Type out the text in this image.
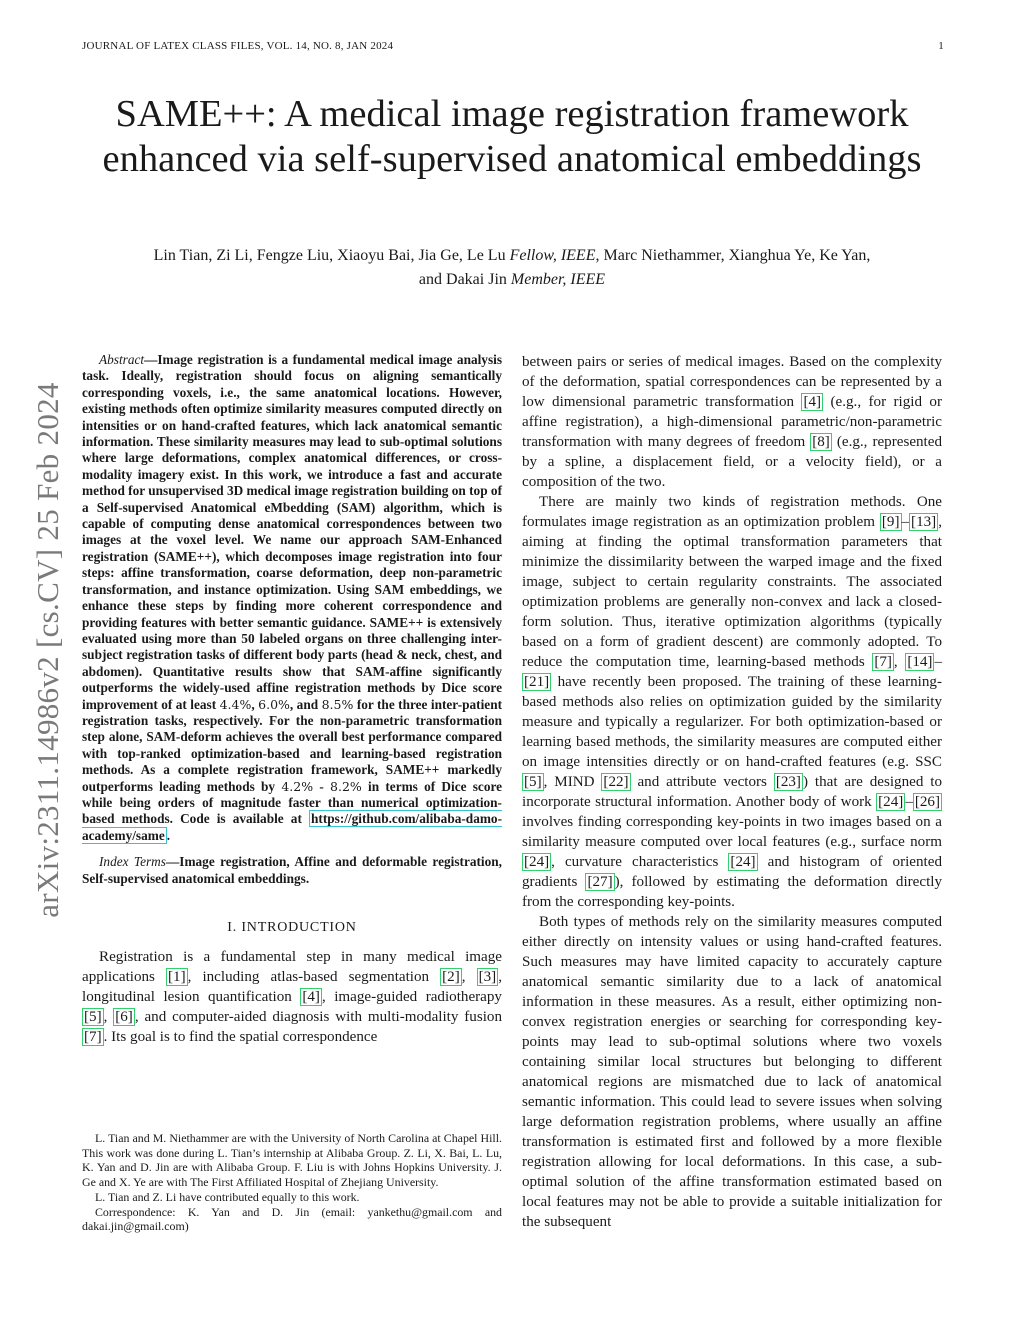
JOURNAL OF LATEX CLASS FILES, VOL. 14, NO. 8, JAN 2024	1
SAME++: A medical image registration framework enhanced via self-supervised anatomical embeddings
Lin Tian, Zi Li, Fengze Liu, Xiaoyu Bai, Jia Ge, Le Lu Fellow, IEEE, Marc Niethammer, Xianghua Ye, Ke Yan,
and Dakai Jin Member, IEEE
arXiv:2311.14986v2 [cs.CV] 25 Feb 2024

Abstract—Image registration is a fundamental medical image analysis task. Ideally, registration should focus on aligning semantically corresponding voxels, i.e., the same anatomical locations. However, existing methods often optimize similarity measures computed directly on intensities or on hand-crafted features, which lack anatomical semantic information. These similarity measures may lead to sub-optimal solutions where large deformations, complex anatomical differences, or cross-modality imagery exist. In this work, we introduce a fast and accurate method for unsupervised 3D medical image registration building on top of a Self-supervised Anatomical eMbedding (SAM) algorithm, which is capable of computing dense anatomical correspondences between two images at the voxel level. We name our approach SAM-Enhanced registration (SAME++), which decomposes image registration into four steps: affine transformation, coarse deformation, deep non-parametric transformation, and instance optimization. Using SAM embeddings, we enhance these steps by finding more coherent correspondence and providing features with better semantic guidance. SAME++ is extensively evaluated using more than 50 labeled organs on three challenging inter-subject registration tasks of different body parts (head & neck, chest, and abdomen). Quantitative results show that SAM-affine significantly outperforms the widely-used affine registration methods by Dice score improvement of at least 4.4%, 6.0%, and 8.5% for the three inter-patient registration tasks, respectively. For the non-parametric transformation step alone, SAM-deform achieves the overall best performance compared with top-ranked optimization-based and learning-based registration methods. As a complete registration framework, SAME++ markedly outperforms leading methods by 4.2% - 8.2% in terms of Dice score while being orders of magnitude faster than numerical optimization-based methods. Code is available at https://github.com/alibaba-damo-academy/same .

Index Terms—Image registration, Affine and deformable registration, Self-supervised anatomical embeddings.

I. INTRODUCTION

Registration is a fundamental step in many medical image applications [1] , including atlas-based segmentation [2] , [3] , longitudinal lesion quantification [4] , image-guided radiotherapy [5] , [6] , and computer-aided diagnosis with multi-modality fusion [7] . Its goal is to find the spatial correspondence

L. Tian and M. Niethammer are with the University of North Carolina at Chapel Hill. This work was done during L. Tian’s internship at Alibaba Group. Z. Li, X. Bai, L. Lu, K. Yan and D. Jin are with Alibaba Group. F. Liu is with Johns Hopkins University. J. Ge and X. Ye are with The First Affiliated Hospital of Zhejiang University.

L. Tian and Z. Li have contributed equally to this work.

Correspondence: K. Yan and D. Jin (email: yankethu@gmail.com and dakai.jin@gmail.com)

between pairs or series of medical images. Based on the complexity of the deformation, spatial correspondences can be represented by a low dimensional parametric transformation [4] (e.g., for rigid or affine registration), a high-dimensional parametric/non-parametric transformation with many degrees of freedom [8] (e.g., represented by a spline, a displacement field, or a velocity field), or a composition of the two.

There are mainly two kinds of registration methods. One formulates image registration as an optimization problem [9] – [13] , aiming at finding the optimal transformation parameters that minimize the dissimilarity between the warped image and the fixed image, subject to certain regularity constraints. The associated optimization problems are generally non-convex and lack a closed-form solution. Thus, iterative optimization algorithms (typically based on a form of gradient descent) are commonly adopted. To reduce the computation time, learning-based methods [7] , [14] –[21] have recently been proposed. The training of these learning-based methods also relies on optimization guided by the similarity measure and typically a regularizer. For both optimization-based or learning based methods, the similarity measures are computed either on image intensities directly or on hand-crafted features (e.g. SSC [5] , MIND [22] and attribute vectors [23] ) that are designed to incorporate structural information. Another body of work [24] – [26] involves finding corresponding key-points in two images based on a similarity measure computed over local features (e.g., surface norm [24] , curvature characteristics [24] and histogram of oriented gradients [27] ), followed by estimating the deformation directly from the corresponding key-points.

Both types of methods rely on the similarity measures computed either directly on intensity values or using hand-crafted features. Such measures may have limited capacity to accurately capture anatomical semantic similarity due to a lack of anatomical information in these measures. As a result, either optimizing non-convex registration energies or searching for corresponding key-points may lead to sub-optimal solutions where two voxels containing similar local structures but belonging to different anatomical regions are mismatched due to lack of anatomical semantic information. This could lead to severe issues when solving large deformation registration problems, where usually an affine transformation is estimated first and followed by a more flexible registration allowing for local deformations. In this case, a sub-optimal solution of the affine transformation estimated based on local features may not be able to provide a suitable initialization for the subsequent
